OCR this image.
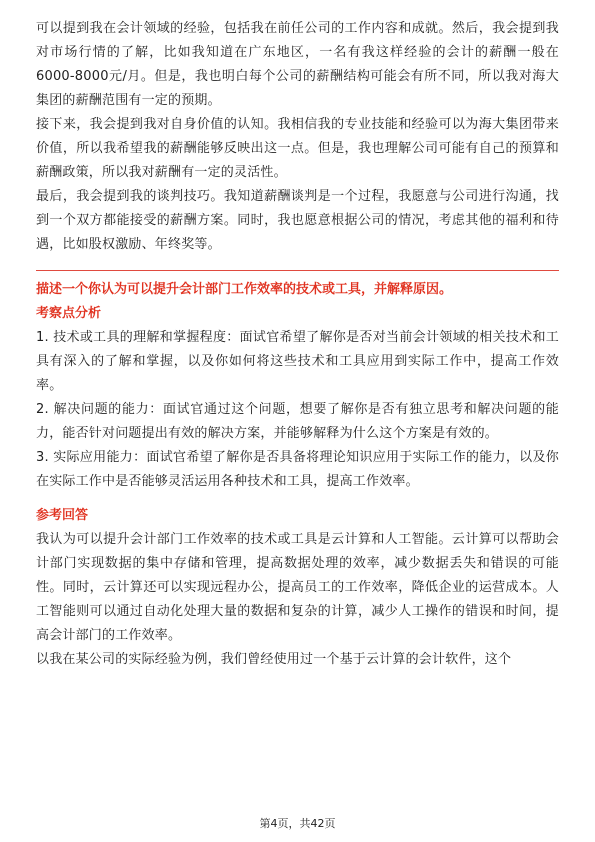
可以提到我在会计领域的经验，包括我在前任公司的工作内容和成就。然后，我会提到我对市场行情的了解，比如我知道在广东地区，一名有我这样经验的会计的薪酬一般在6000-8000元/月。但是，我也明白每个公司的薪酬结构可能会有所不同，所以我对海大集团的薪酬范围有一定的预期。

接下来，我会提到我对自身价值的认知。我相信我的专业技能和经验可以为海大集团带来价值，所以我希望我的薪酬能够反映出这一点。但是，我也理解公司可能有自己的预算和薪酬政策，所以我对薪酬有一定的灵活性。

最后，我会提到我的谈判技巧。我知道薪酬谈判是一个过程，我愿意与公司进行沟通，找到一个双方都能接受的薪酬方案。同时，我也愿意根据公司的情况，考虑其他的福利和待遇，比如股权激励、年终奖等。

描述一个你认为可以提升会计部门工作效率的技术或工具，并解释原因。

考察点分析

1. 技术或工具的理解和掌握程度：面试官希望了解你是否对当前会计领域的相关技术和工具有深入的了解和掌握，以及你如何将这些技术和工具应用到实际工作中，提高工作效率。

2. 解决问题的能力：面试官通过这个问题，想要了解你是否有独立思考和解决问题的能力，能否针对问题提出有效的解决方案，并能够解释为什么这个方案是有效的。

3. 实际应用能力：面试官希望了解你是否具备将理论知识应用于实际工作的能力，以及你在实际工作中是否能够灵活运用各种技术和工具，提高工作效率。

参考回答

我认为可以提升会计部门工作效率的技术或工具是云计算和人工智能。云计算可以帮助会计部门实现数据的集中存储和管理，提高数据处理的效率，减少数据丢失和错误的可能性。同时，云计算还可以实现远程办公，提高员工的工作效率，降低企业的运营成本。人工智能则可以通过自动化处理大量的数据和复杂的计算，减少人工操作的错误和时间，提高会计部门的工作效率。

以我在某公司的实际经验为例，我们曾经使用过一个基于云计算的会计软件，这个

第4页，共42页
